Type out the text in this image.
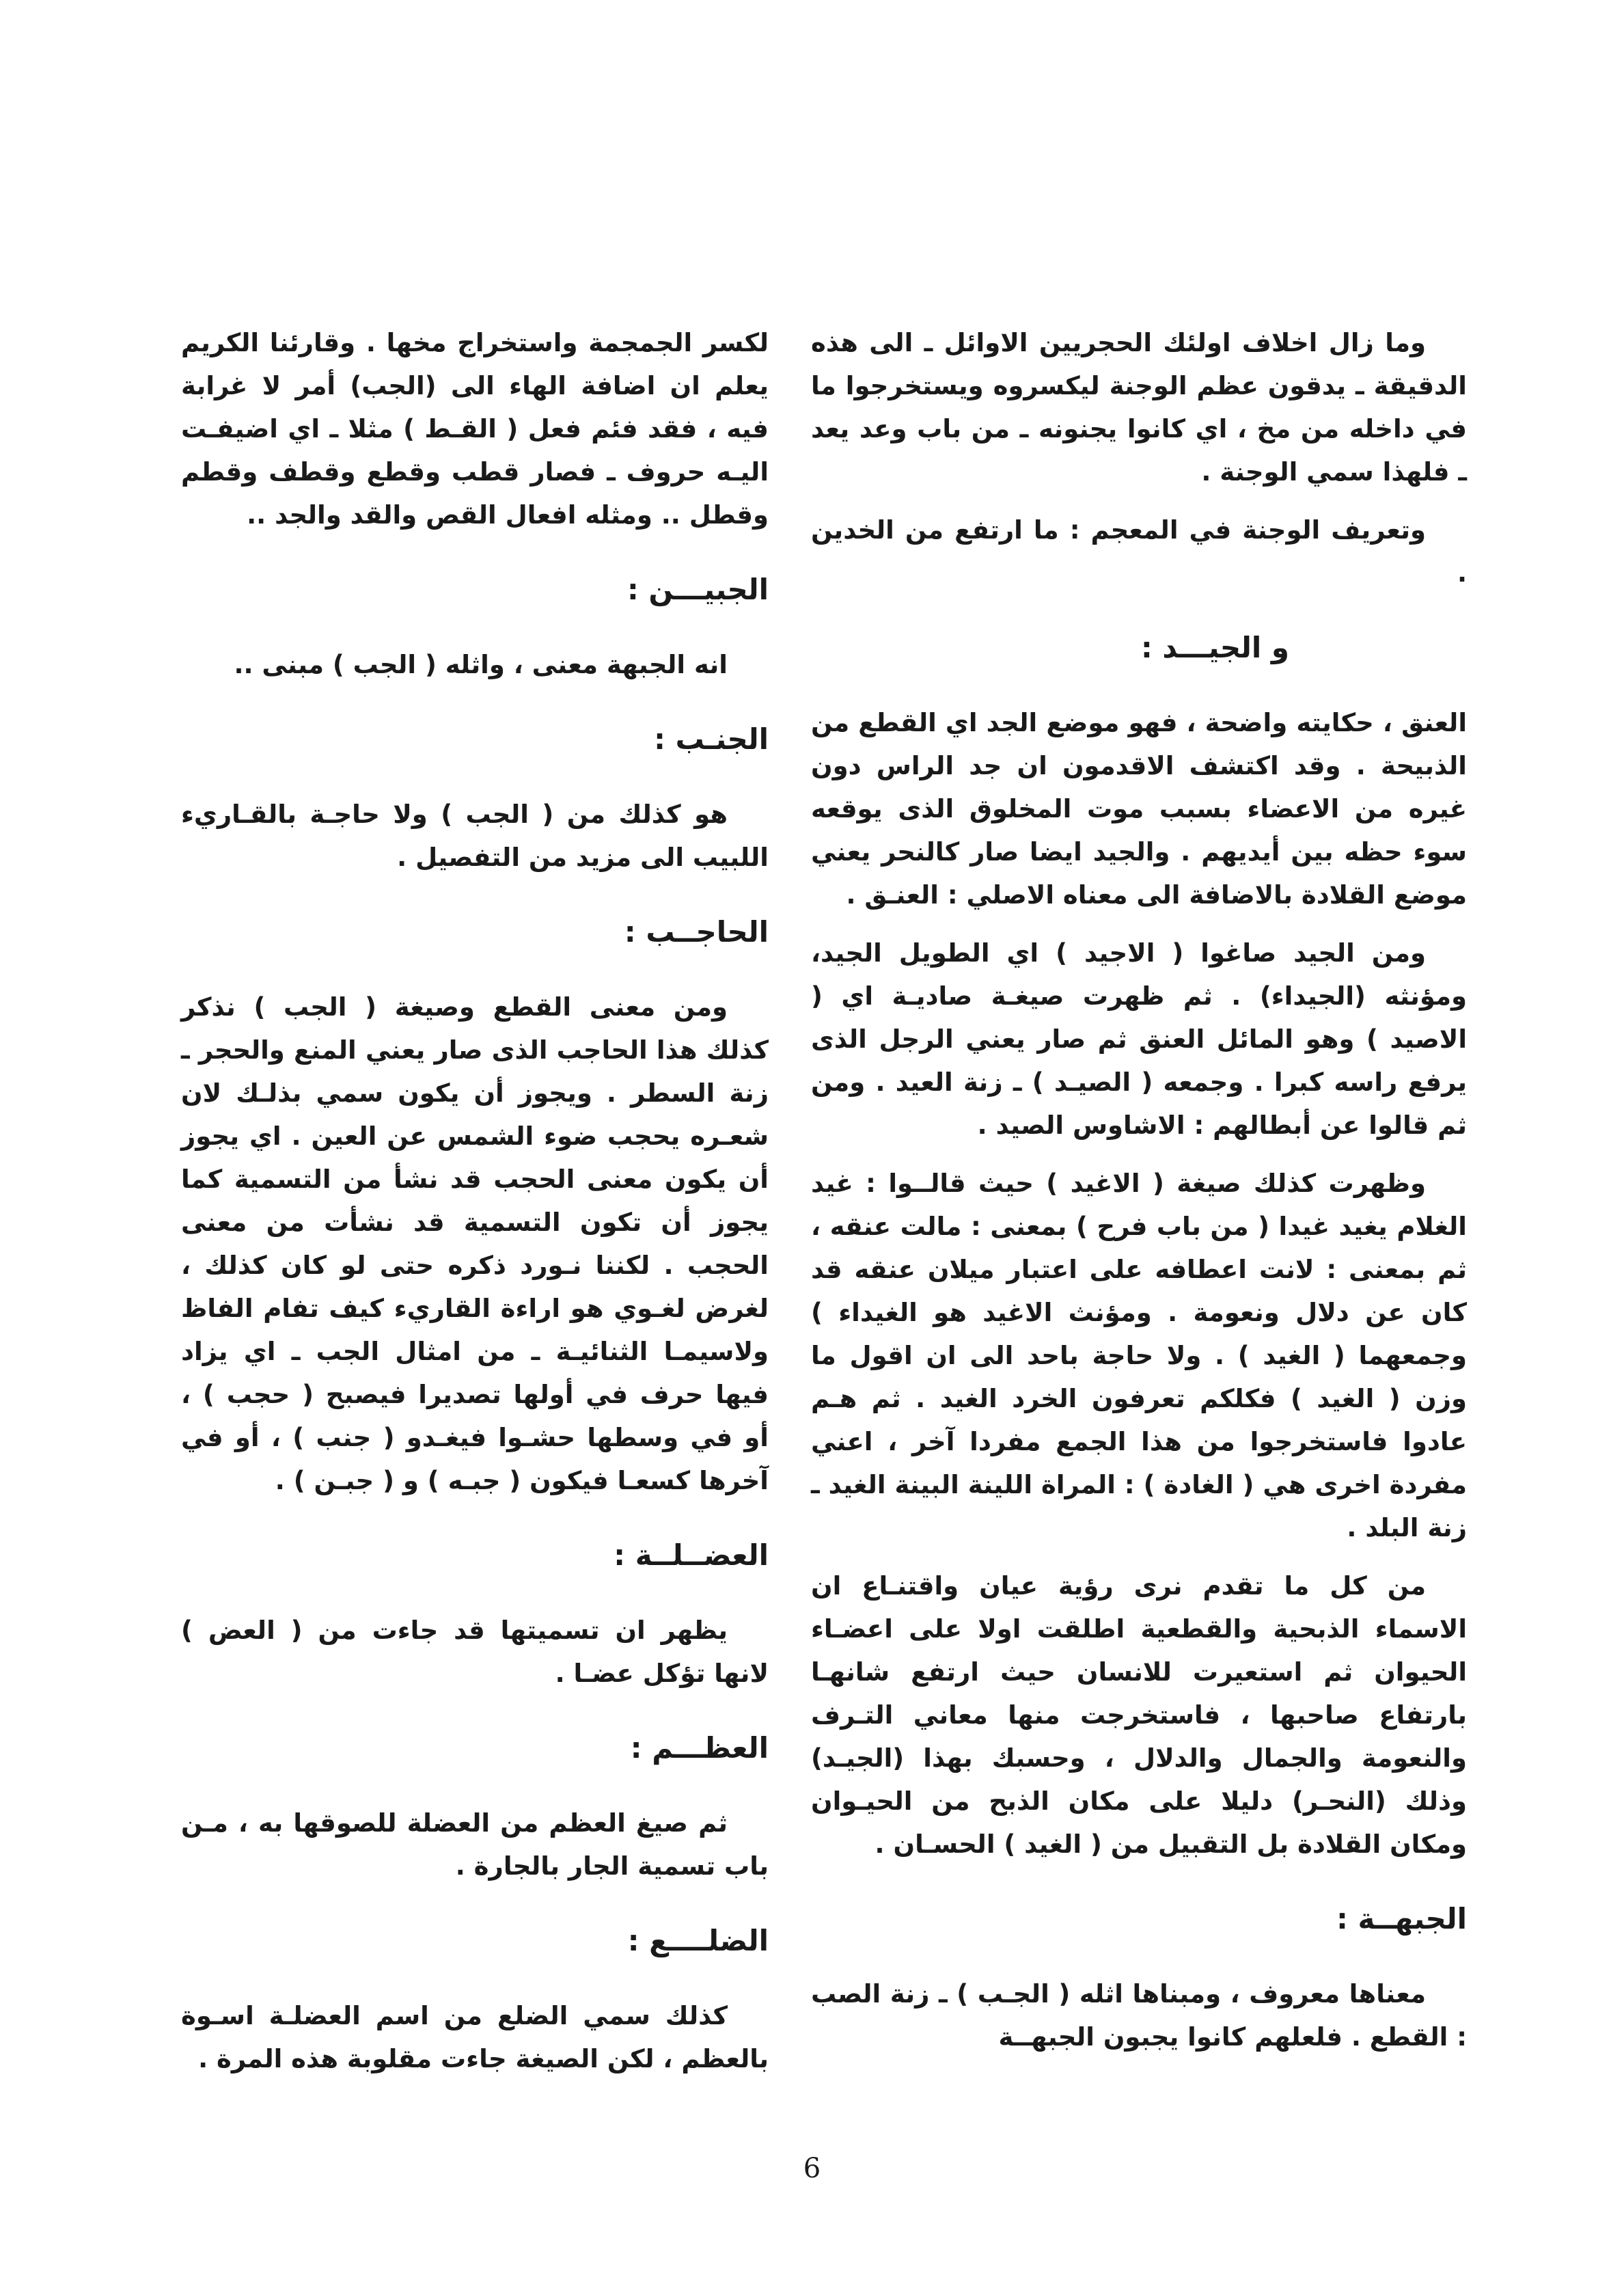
وما زال اخلاف اولئك الحجريين الاوائل ـ الى هذه الدقيقة ـ يدقون عظم الوجنة ليكسروه ويستخرجوا ما في داخله من مخ ، اي كانوا يجنونه ـ من باب وعد يعد ـ فلهذا سمي الوجنة .

وتعريف الوجنة في المعجم : ما ارتفع من الخدين .

و الجيـــد :

العنق ، حكايته واضحة ، فهو موضع الجد اي القطع من الذبيحة . وقد اكتشف الاقدمون ان جد الراس دون غيره من الاعضاء بسبب موت المخلوق الذى يوقعه سوء حظه بين أيديهم . والجيد ايضا صار كالنحر يعني موضع القلادة بالاضافة الى معناه الاصلي : العنـق .

ومن الجيد صاغوا ( الاجيد ) اي الطويل الجيد، ومؤنثه (الجيداء) . ثم ظهرت صيغـة صاديـة اي ( الاصيد ) وهو المائل العنق ثم صار يعني الرجل الذى يرفع راسه كبرا . وجمعه ( الصيـد ) ـ زنة العيد . ومن ثم قالوا عن أبطالهم : الاشاوس الصيد .

وظهرت كذلك صيغة ( الاغيد ) حيث قالــوا : غيد الغلام يغيد غيدا ( من باب فرح ) بمعنى : مالت عنقه ، ثم بمعنى : لانت اعطافه على اعتبار ميلان عنقه قد كان عن دلال ونعومة . ومؤنث الاغيد هو الغيداء ) وجمعهما ( الغيد ) . ولا حاجة باحد الى ان اقول ما وزن ( الغيد ) فكلكم تعرفون الخرد الغيد . ثم هـم عادوا فاستخرجوا من هذا الجمع مفردا آخر ، اعني مفردة اخرى هي ( الغادة ) : المراة اللينة البينة الغيد ـ زنة البلد .

من كل ما تقدم نرى رؤية عيان واقتنـاع ان الاسماء الذبحية والقطعية اطلقت اولا على اعضـاء الحيوان ثم استعيرت للانسان حيث ارتفع شانهـا بارتفاع صاحبها ، فاستخرجت منها معاني التـرف والنعومة والجمال والدلال ، وحسبك بهذا (الجيـد) وذلك (النحـر) دليلا على مكان الذبح من الحيـوان ومكان القلادة بل التقبيل من ( الغيد ) الحسـان .

الجبهــة :

معناها معروف ، ومبناها اثله ( الجـب ) ـ زنة الصب : القطع . فلعلهم كانوا يجبون الجبهــة

لكسر الجمجمة واستخراج مخها . وقارئنا الكريم يعلم ان اضافة الهاء الى (الجب) أمر لا غرابة فيه ، فقد فئم فعل ( القـط ) مثلا ـ اي اضيفـت اليـه حروف ـ فصار قطب وقطع وقطف وقطم وقطل .. ومثله افعال القص والقد والجد ..

الجبيـــن :

انه الجبهة معنى ، واثله ( الجب ) مبنى ..

الجنـب :

هو كذلك من ( الجب ) ولا حاجـة بالقـاريء اللبيب الى مزيد من التفصيل .

الحاجــب :

ومن معنى القطع وصيغة ( الجب ) نذكر كذلك هذا الحاجب الذى صار يعني المنع والحجر ـ زنة السطر . ويجوز أن يكون سمي بذلـك لان شعـره يحجب ضوء الشمس عن العين . اي يجوز أن يكون معنى الحجب قد نشأ من التسمية كما يجوز أن تكون التسمية قد نشأت من معنى الحجب . لكننا نـورد ذكره حتى لو كان كذلك ، لغرض لغـوي هو اراءة القاريء كيف تفام الفاظ ولاسيمـا الثنائيـة ـ من امثال الجب ـ اي يزاد فيها حرف في أولها تصديرا فيصبح ( حجب ) ، أو في وسطها حشـوا فيغـدو ( جنب ) ، أو في آخرها كسعـا فيكون ( جبـه ) و ( جبـن ) .

العضــلــة :

يظهر ان تسميتها قد جاءت من ( العض ) لانها تؤكل عضـا .

العظـــم :

ثم صيغ العظم من العضلة للصوقها به ، مـن باب تسمية الجار بالجارة .

الضلــــع :

كذلك سمي الضلع من اسم العضلـة اسـوة بالعظم ، لكن الصيغة جاءت مقلوبة هذه المرة .

6
